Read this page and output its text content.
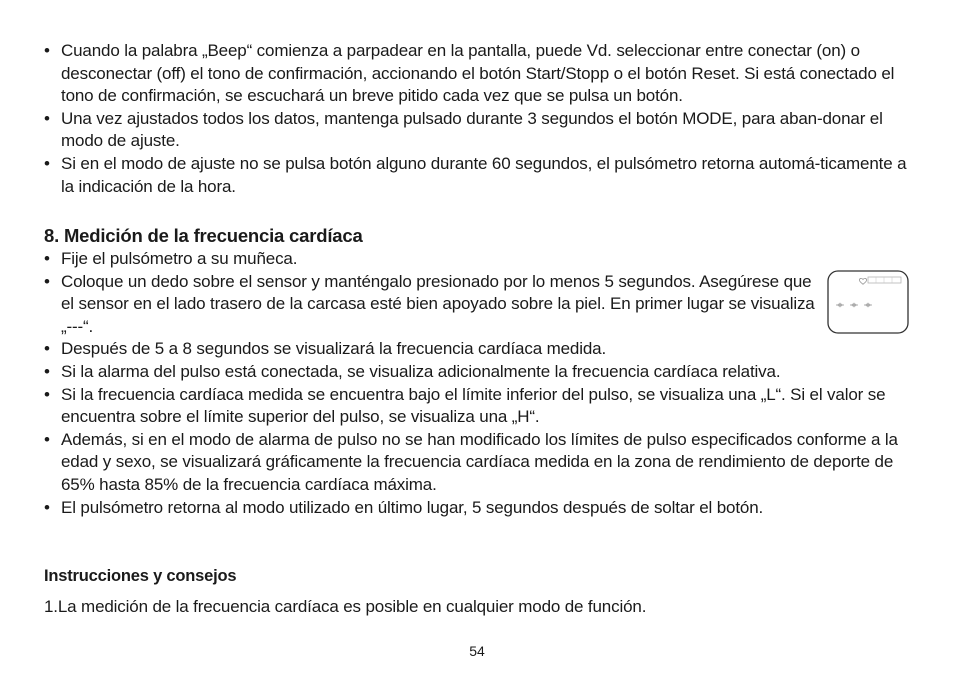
• Cuando la palabra „Beep“ comienza a parpadear en la pantalla, puede Vd. seleccionar entre conectar (on) o desconectar (off) el tono de confirmación, accionando el botón Start/Stopp o el botón Reset. Si está conectado el tono de confirmación, se escuchará un breve pitido cada vez que se pulsa un botón.
• Una vez ajustados todos los datos, mantenga pulsado durante 3 segundos el botón MODE, para aban-donar el modo de ajuste.
• Si en el modo de ajuste no se pulsa botón alguno durante 60 segundos, el pulsómetro retorna automá-ticamente a la indicación de la hora.
8. Medición de la frecuencia cardíaca
• Fije el pulsómetro a su muñeca.
• Coloque un dedo sobre el sensor y manténgalo presionado por lo menos 5 segundos. Asegúrese que el sensor en el lado trasero de la carcasa esté bien apoyado sobre la piel. En primer lugar se visualiza
„---“.
• Después de 5 a 8 segundos se visualizará la frecuencia cardíaca medida.
• Si la alarma del pulso está conectada, se visualiza adicionalmente la frecuencia cardíaca relativa.
• Si la frecuencia cardíaca medida se encuentra bajo el límite inferior del pulso, se visualiza una „L“. Si el valor se encuentra sobre el límite superior del pulso, se visualiza una „H“.
• Además, si en el modo de alarma de pulso no se han modificado los límites de pulso especificados conforme a la edad y sexo, se visualizará gráficamente la frecuencia cardíaca medida en la zona de rendimiento de deporte de 65% hasta 85% de la frecuencia cardíaca máxima.
• El pulsómetro retorna al modo utilizado en último lugar, 5 segundos después de soltar el botón.
Instrucciones y consejos
1.La medición de la frecuencia cardíaca es posible en cualquier modo de función.
54
